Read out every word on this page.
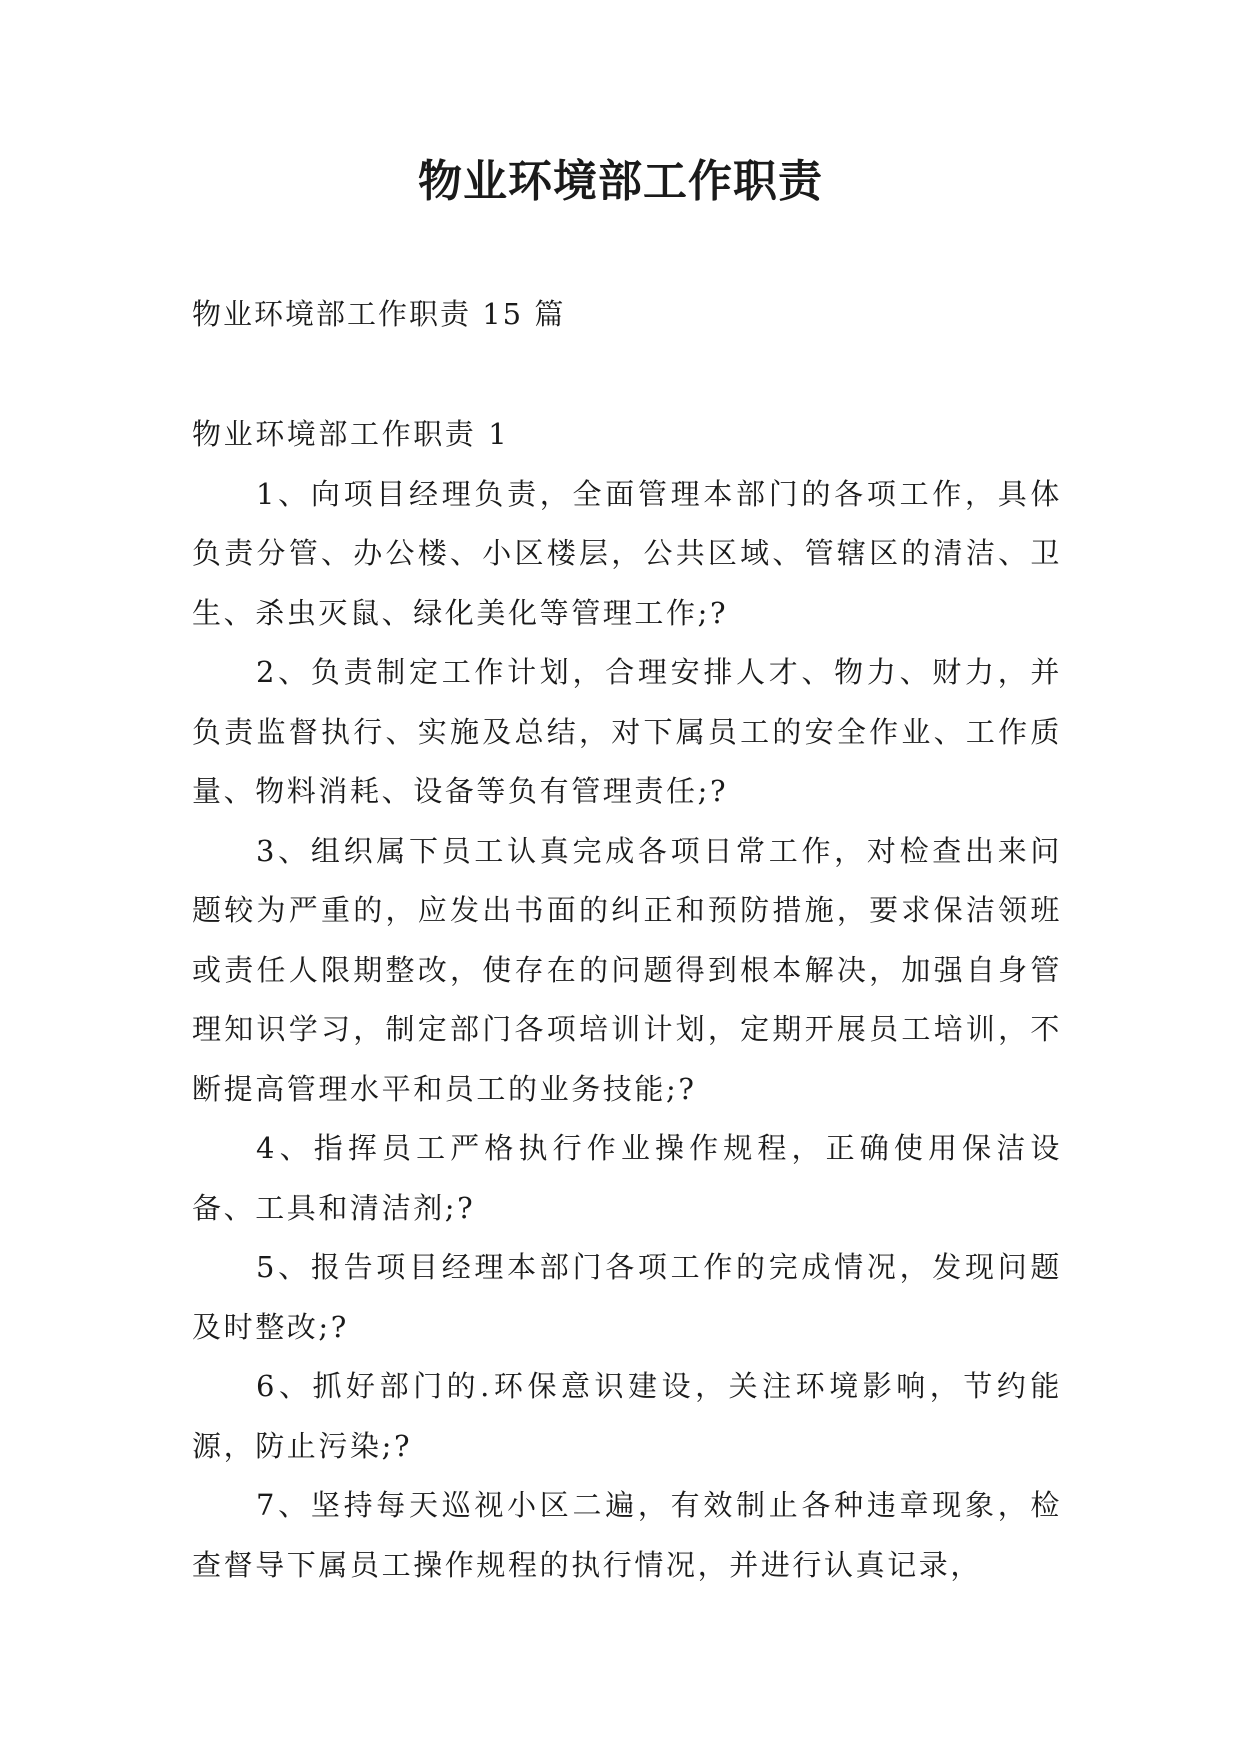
物业环境部工作职责
物业环境部工作职责 15 篇

物业环境部工作职责 1

1、向项目经理负责，全面管理本部门的各项工作，具体负责分管、办公楼、小区楼层，公共区域、管辖区的清洁、卫生、杀虫灭鼠、绿化美化等管理工作;?

2、负责制定工作计划，合理安排人才、物力、财力，并负责监督执行、实施及总结，对下属员工的安全作业、工作质量、物料消耗、设备等负有管理责任;?

3、组织属下员工认真完成各项日常工作，对检查出来问题较为严重的，应发出书面的纠正和预防措施，要求保洁领班或责任人限期整改，使存在的问题得到根本解决，加强自身管理知识学习，制定部门各项培训计划，定期开展员工培训，不断提高管理水平和员工的业务技能;?

4、指挥员工严格执行作业操作规程，正确使用保洁设备、工具和清洁剂;?

5、报告项目经理本部门各项工作的完成情况，发现问题及时整改;?

6、抓好部门的.环保意识建设，关注环境影响，节约能源，防止污染;?

7、坚持每天巡视小区二遍，有效制止各种违章现象，检查督导下属员工操作规程的执行情况，并进行认真记录，
